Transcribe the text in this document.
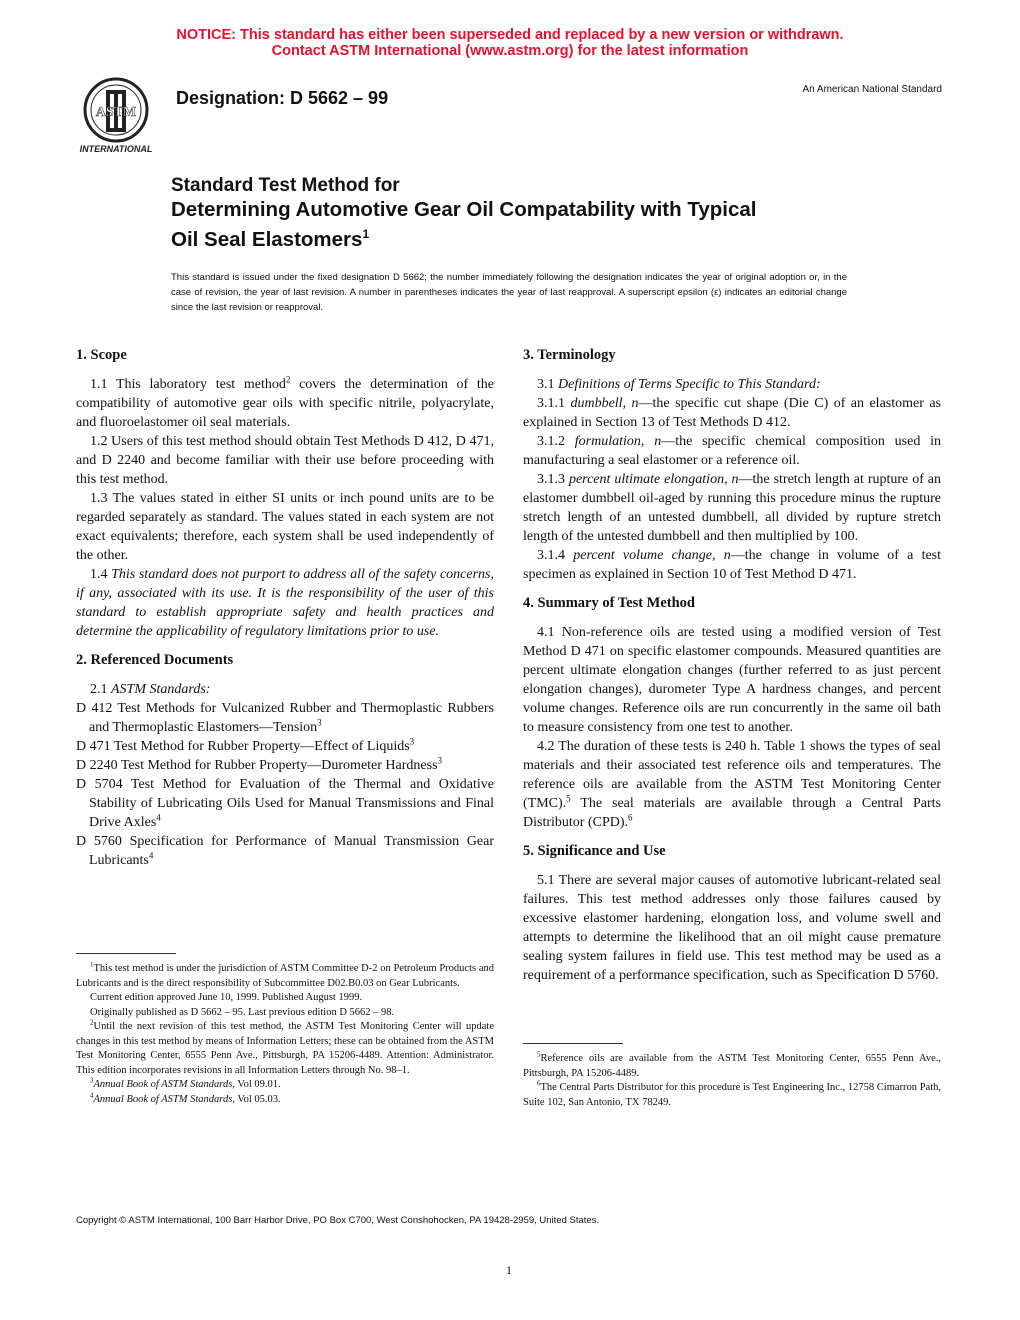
NOTICE: This standard has either been superseded and replaced by a new version or withdrawn.
Contact ASTM International (www.astm.org) for the latest information
ASTM
INTERNATIONAL
Designation: D 5662 – 99	An American National Standard
Standard Test Method for
Determining Automotive Gear Oil Compatability with Typical
Oil Seal Elastomers$^1$
This standard is issued under the fixed designation D 5662; the number immediately following the designation indicates the year of original adoption or, in the case of revision, the year of last revision. A number in parentheses indicates the year of last reapproval. A superscript epsilon (ε) indicates an editorial change since the last revision or reapproval.
1. Scope

1.1 This laboratory test method$^2$ covers the determination of the compatibility of automotive gear oils with specific nitrile, polyacrylate, and fluoroelastomer oil seal materials.

1.2 Users of this test method should obtain Test Methods D 412, D 471, and D 2240 and become familiar with their use before proceeding with this test method.

1.3 The values stated in either SI units or inch pound units are to be regarded separately as standard. The values stated in each system are not exact equivalents; therefore, each system shall be used independently of the other.

1.4 This standard does not purport to address all of the safety concerns, if any, associated with its use. It is the responsibility of the user of this standard to establish appropriate safety and health practices and determine the applicability of regulatory limitations prior to use.

2. Referenced Documents

2.1 ASTM Standards:

D 412 Test Methods for Vulcanized Rubber and Thermoplastic Rubbers and Thermoplastic Elastomers—Tension$^3$
D 471 Test Method for Rubber Property—Effect of Liquids$^3$
D 2240 Test Method for Rubber Property—Durometer Hardness$^3$
D 5704 Test Method for Evaluation of the Thermal and Oxidative Stability of Lubricating Oils Used for Manual Transmissions and Final Drive Axles$^4$
D 5760 Specification for Performance of Manual Transmission Gear Lubricants$^4$
3. Terminology

3.1 Definitions of Terms Specific to This Standard:

3.1.1 dumbbell, n—the specific cut shape (Die C) of an elastomer as explained in Section 13 of Test Methods D 412.

3.1.2 formulation, n—the specific chemical composition used in manufacturing a seal elastomer or a reference oil.

3.1.3 percent ultimate elongation, n—the stretch length at rupture of an elastomer dumbbell oil-aged by running this procedure minus the rupture stretch length of an untested dumbbell, all divided by rupture stretch length of the untested dumbbell and then multiplied by 100.

3.1.4 percent volume change, n—the change in volume of a test specimen as explained in Section 10 of Test Method D 471.

4. Summary of Test Method

4.1 Non-reference oils are tested using a modified version of Test Method D 471 on specific elastomer compounds. Measured quantities are percent ultimate elongation changes (further referred to as just percent elongation changes), durometer Type A hardness changes, and percent volume changes. Reference oils are run concurrently in the same oil bath to measure consistency from one test to another.

4.2 The duration of these tests is 240 h. Table 1 shows the types of seal materials and their associated test reference oils and temperatures. The reference oils are available from the ASTM Test Monitoring Center (TMC).$^5$ The seal materials are available through a Central Parts Distributor (CPD).$^6$

5. Significance and Use

5.1 There are several major causes of automotive lubricant-related seal failures. This test method addresses only those failures caused by excessive elastomer hardening, elongation loss, and volume swell and attempts to determine the likelihood that an oil might cause premature sealing system failures in field use. This test method may be used as a requirement of a performance specification, such as Specification D 5760.

$^1$This test method is under the jurisdiction of ASTM Committee D-2 on Petroleum Products and Lubricants and is the direct responsibility of Subcommittee D02.B0.03 on Gear Lubricants.

Current edition approved June 10, 1999. Published August 1999.

Originally published as D 5662 – 95. Last previous edition D 5662 – 98.

$^2$Until the next revision of this test method, the ASTM Test Monitoring Center will update changes in this test method by means of Information Letters; these can be obtained from the ASTM Test Monitoring Center, 6555 Penn Ave., Pittsburgh, PA 15206-4489. Attention: Administrator. This edition incorporates revisions in all Information Letters through No. 98–1.

$^3$Annual Book of ASTM Standards, Vol 09.01.

$^4$Annual Book of ASTM Standards, Vol 05.03.

$^5$Reference oils are available from the ASTM Test Monitoring Center, 6555 Penn Ave., Pittsburgh, PA 15206-4489.

$^6$The Central Parts Distributor for this procedure is Test Engineering Inc., 12758 Cimarron Path, Suite 102, San Antonio, TX 78249.

Copyright © ASTM International, 100 Barr Harbor Drive, PO Box C700, West Conshohocken, PA 19428-2959, United States.
1
